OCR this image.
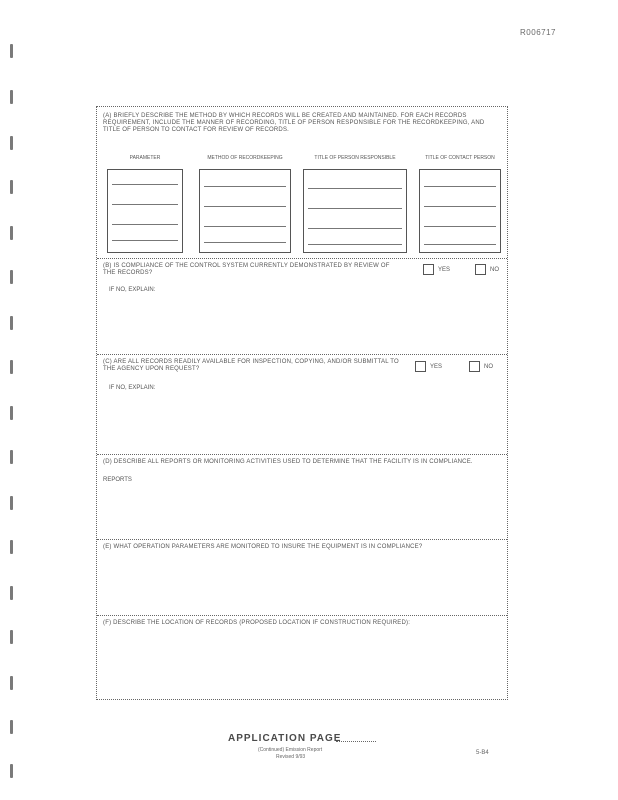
R006717
(A) BRIEFLY DESCRIBE THE METHOD BY WHICH RECORDS WILL BE CREATED AND MAINTAINED. FOR EACH RECORDS REQUIREMENT, INCLUDE THE MANNER OF RECORDING, TITLE OF PERSON RESPONSIBLE FOR THE RECORDKEEPING, AND TITLE OF PERSON TO CONTACT FOR REVIEW OF RECORDS.
PARAMETER	METHOD OF RECORDKEEPING	TITLE OF PERSON RESPONSIBLE	TITLE OF CONTACT PERSON
(B) IS COMPLIANCE OF THE CONTROL SYSTEM CURRENTLY DEMONSTRATED BY REVIEW OF THE RECORDS?
YES	NO
IF NO, EXPLAIN:
(C) ARE ALL RECORDS READILY AVAILABLE FOR INSPECTION, COPYING, AND/OR SUBMITTAL TO THE AGENCY UPON REQUEST?	YES	NO
IF NO, EXPLAIN:
(D) DESCRIBE ALL REPORTS OR MONITORING ACTIVITIES USED TO DETERMINE THAT THE FACILITY IS IN COMPLIANCE.
REPORTS
(E) WHAT OPERATION PARAMETERS ARE MONITORED TO INSURE THE EQUIPMENT IS IN COMPLIANCE?
(F) DESCRIBE THE LOCATION OF RECORDS (PROPOSED LOCATION IF CONSTRUCTION REQUIRED):
APPLICATION PAGE
(Continued) Emission Report
Revised 9/93
5-B4
